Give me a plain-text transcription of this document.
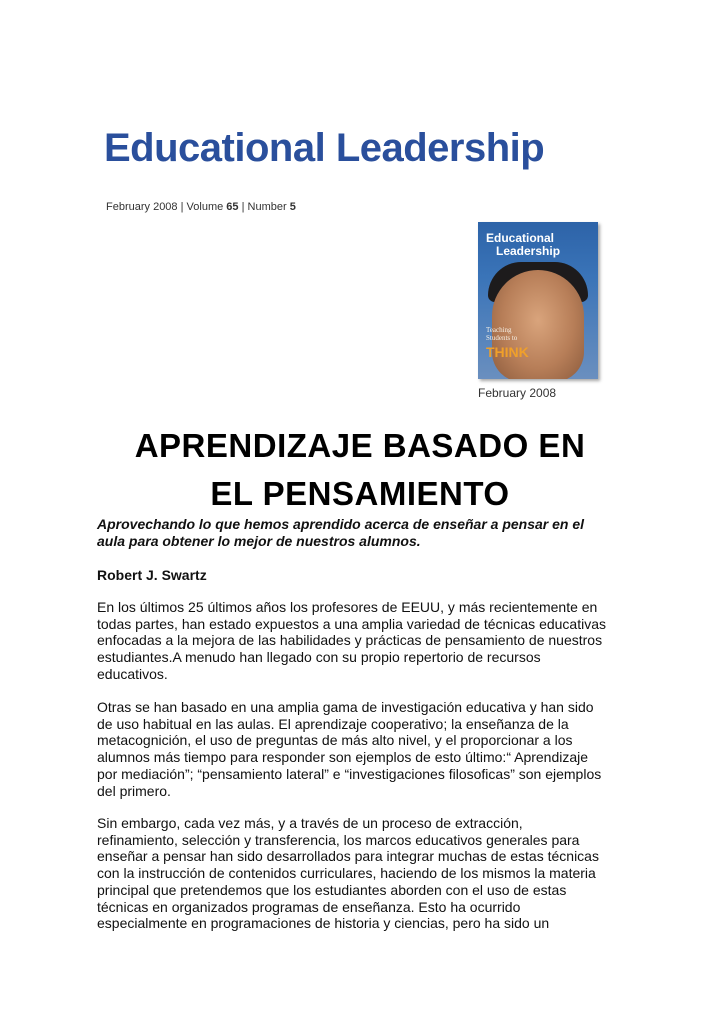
Educational Leadership
February 2008 | Volume 65 | Number 5
Educational
Leadership
Teaching
Students to
THINK
February 2008
APRENDIZAJE BASADO EN
EL PENSAMIENTO
Aprovechando lo que hemos aprendido acerca de enseñar a pensar en el
aula para obtener lo mejor de nuestros alumnos.
Robert J. Swartz
En los últimos 25 últimos años los profesores de EEUU, y más recientemente en
todas partes, han estado expuestos a una amplia variedad de técnicas educativas
enfocadas a la mejora de las habilidades y prácticas de pensamiento de nuestros
estudiantes.A menudo han llegado con su propio repertorio de recursos
educativos.
Otras se han basado en una amplia gama de investigación educativa y han sido
de uso habitual en las aulas. El aprendizaje cooperativo; la enseñanza de la
metacognición, el uso de preguntas de más alto nivel, y el proporcionar a los
alumnos más tiempo para responder son ejemplos de esto último:“ Aprendizaje
por mediación”; “pensamiento lateral” e “investigaciones filosoficas” son ejemplos
del primero.
Sin embargo, cada vez más, y a través de un proceso de extracción,
refinamiento, selección y transferencia, los marcos educativos generales para
enseñar a pensar han sido desarrollados para integrar muchas de estas técnicas
con la instrucción de contenidos curriculares, haciendo de los mismos la materia
principal que pretendemos que los estudiantes aborden con el uso de estas
técnicas en organizados programas de enseñanza. Esto ha ocurrido
especialmente en programaciones de historia y ciencias, pero ha sido un
